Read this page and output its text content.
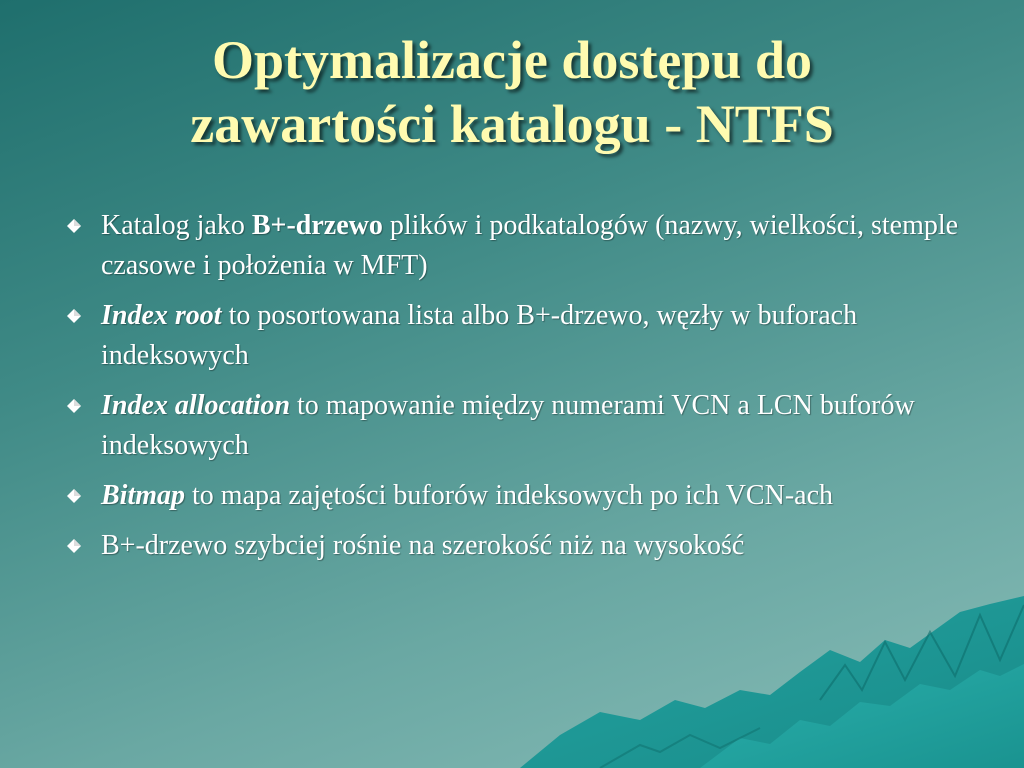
Optymalizacje dostępu do
zawartości katalogu - NTFS
Katalog jako B+-drzewo plików i podkatalogów (nazwy, wielkości, stemple czasowe i położenia w MFT)
Index root to posortowana lista albo B+-drzewo, węzły w buforach indeksowych
Index allocation to mapowanie między numerami VCN a LCN buforów indeksowych
Bitmap to mapa zajętości buforów indeksowych po ich VCN-ach
B+-drzewo szybciej rośnie na szerokość niż na wysokość
